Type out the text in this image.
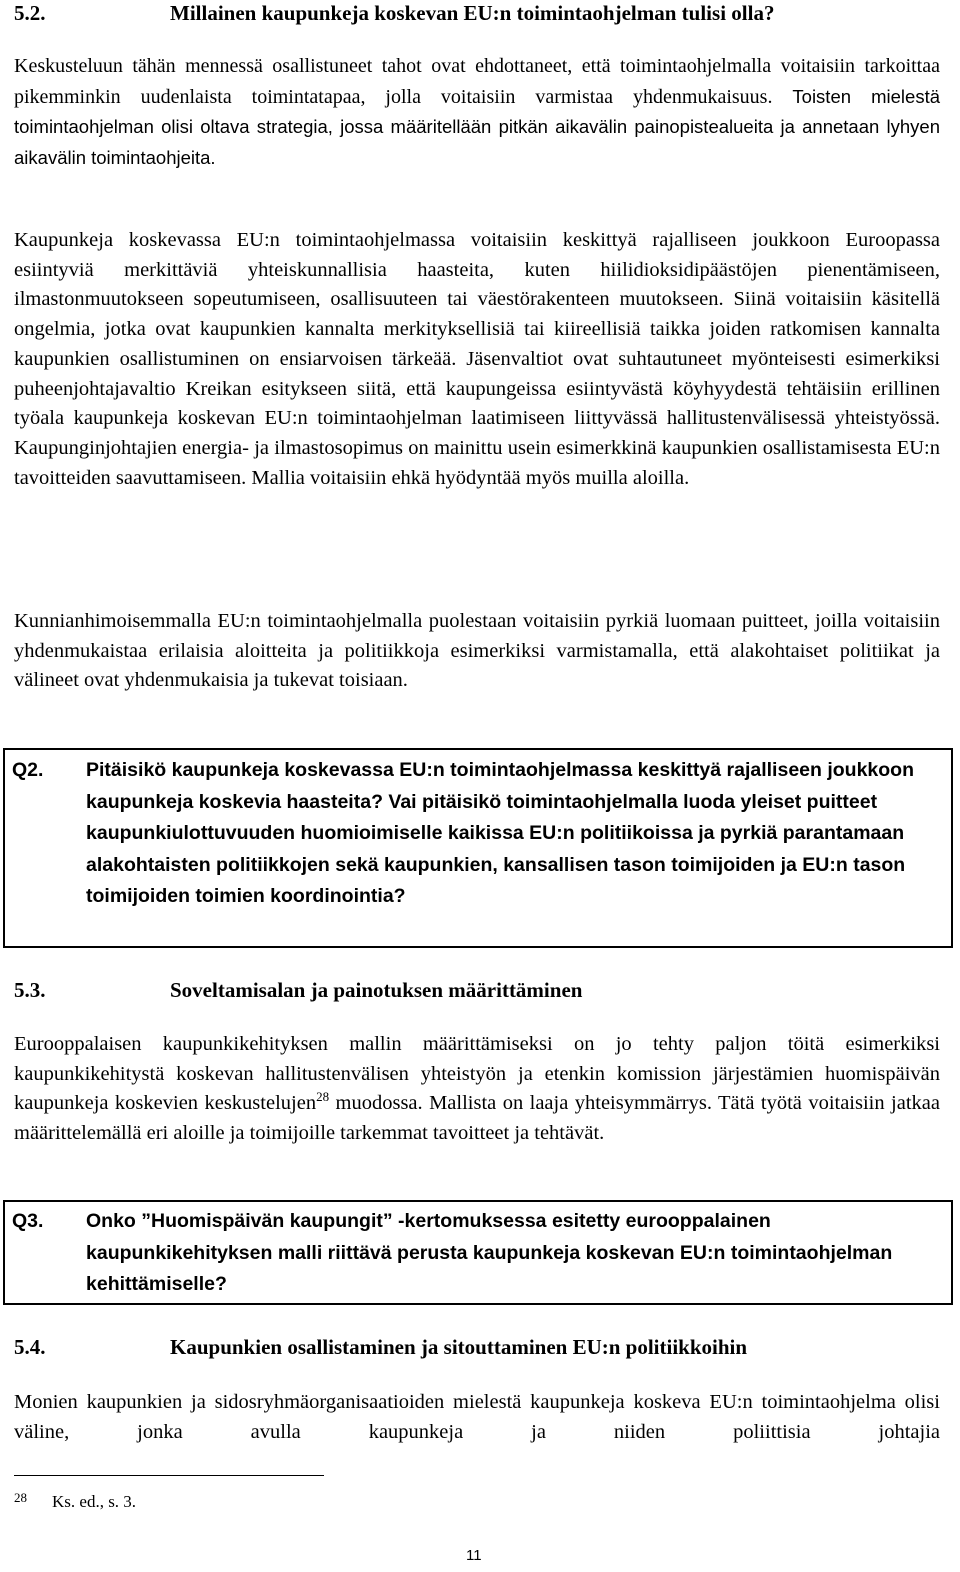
5.2.	Millainen kaupunkeja koskevan EU:n toimintaohjelman tulisi olla?
Keskusteluun tähän mennessä osallistuneet tahot ovat ehdottaneet, että toimintaohjelmalla voitaisiin tarkoittaa pikemminkin uudenlaista toimintatapaa, jolla voitaisiin varmistaa yhdenmukaisuus. Toisten mielestä toimintaohjelman olisi oltava strategia, jossa määritellään pitkän aikavälin painopistealueita ja annetaan lyhyen aikavälin toimintaohjeita.
Kaupunkeja koskevassa EU:n toimintaohjelmassa voitaisiin keskittyä rajalliseen joukkoon Euroopassa esiintyviä merkittäviä yhteiskunnallisia haasteita, kuten hiilidioksidipäästöjen pienentämiseen, ilmastonmuutokseen sopeutumiseen, osallisuuteen tai väestörakenteen muutokseen. Siinä voitaisiin käsitellä ongelmia, jotka ovat kaupunkien kannalta merkityksellisiä tai kiireellisiä taikka joiden ratkomisen kannalta kaupunkien osallistuminen on ensiarvoisen tärkeää. Jäsenvaltiot ovat suhtautuneet myönteisesti esimerkiksi puheenjohtajavaltio Kreikan esitykseen siitä, että kaupungeissa esiintyvästä köyhyydestä tehtäisiin erillinen työala kaupunkeja koskevan EU:n toimintaohjelman laatimiseen liittyvässä hallitustenvälisessä yhteistyössä. Kaupunginjohtajien energia- ja ilmastosopimus on mainittu usein esimerkkinä kaupunkien osallistamisesta EU:n tavoitteiden saavuttamiseen. Mallia voitaisiin ehkä hyödyntää myös muilla aloilla.
Kunnianhimoisemmalla EU:n toimintaohjelmalla puolestaan voitaisiin pyrkiä luomaan puitteet, joilla voitaisiin yhdenmukaistaa erilaisia aloitteita ja politiikkoja esimerkiksi varmistamalla, että alakohtaiset politiikat ja välineet ovat yhdenmukaisia ja tukevat toisiaan.
Q2. Pitäisikö kaupunkeja koskevassa EU:n toimintaohjelmassa keskittyä rajalliseen joukkoon kaupunkeja koskevia haasteita? Vai pitäisikö toimintaohjelmalla luoda yleiset puitteet kaupunkiulottuvuuden huomioimiselle kaikissa EU:n politiikoissa ja pyrkiä parantamaan alakohtaisten politiikkojen sekä kaupunkien, kansallisen tason toimijoiden ja EU:n tason toimijoiden toimien koordinointia?
5.3.	Soveltamisalan ja painotuksen määrittäminen
Eurooppalaisen kaupunkikehityksen mallin määrittämiseksi on jo tehty paljon töitä esimerkiksi kaupunkikehitystä koskevan hallitustenvälisen yhteistyön ja etenkin komission järjestämien huomispäivän kaupunkeja koskevien keskustelujen$^{28}$ muodossa. Mallista on laaja yhteisymmärrys. Tätä työtä voitaisiin jatkaa määrittelemällä eri aloille ja toimijoille tarkemmat tavoitteet ja tehtävät.
Q3. Onko ”Huomispäivän kaupungit” -kertomuksessa esitetty eurooppalainen kaupunkikehityksen malli riittävä perusta kaupunkeja koskevan EU:n toimintaohjelman kehittämiselle?
5.4.	Kaupunkien osallistaminen ja sitouttaminen EU:n politiikkoihin
Monien kaupunkien ja sidosryhmäorganisaatioiden mielestä kaupunkeja koskeva EU:n toimintaohjelma olisi väline, jonka avulla kaupunkeja ja niiden poliittisia johtajia
28 Ks. ed., s. 3.
11
